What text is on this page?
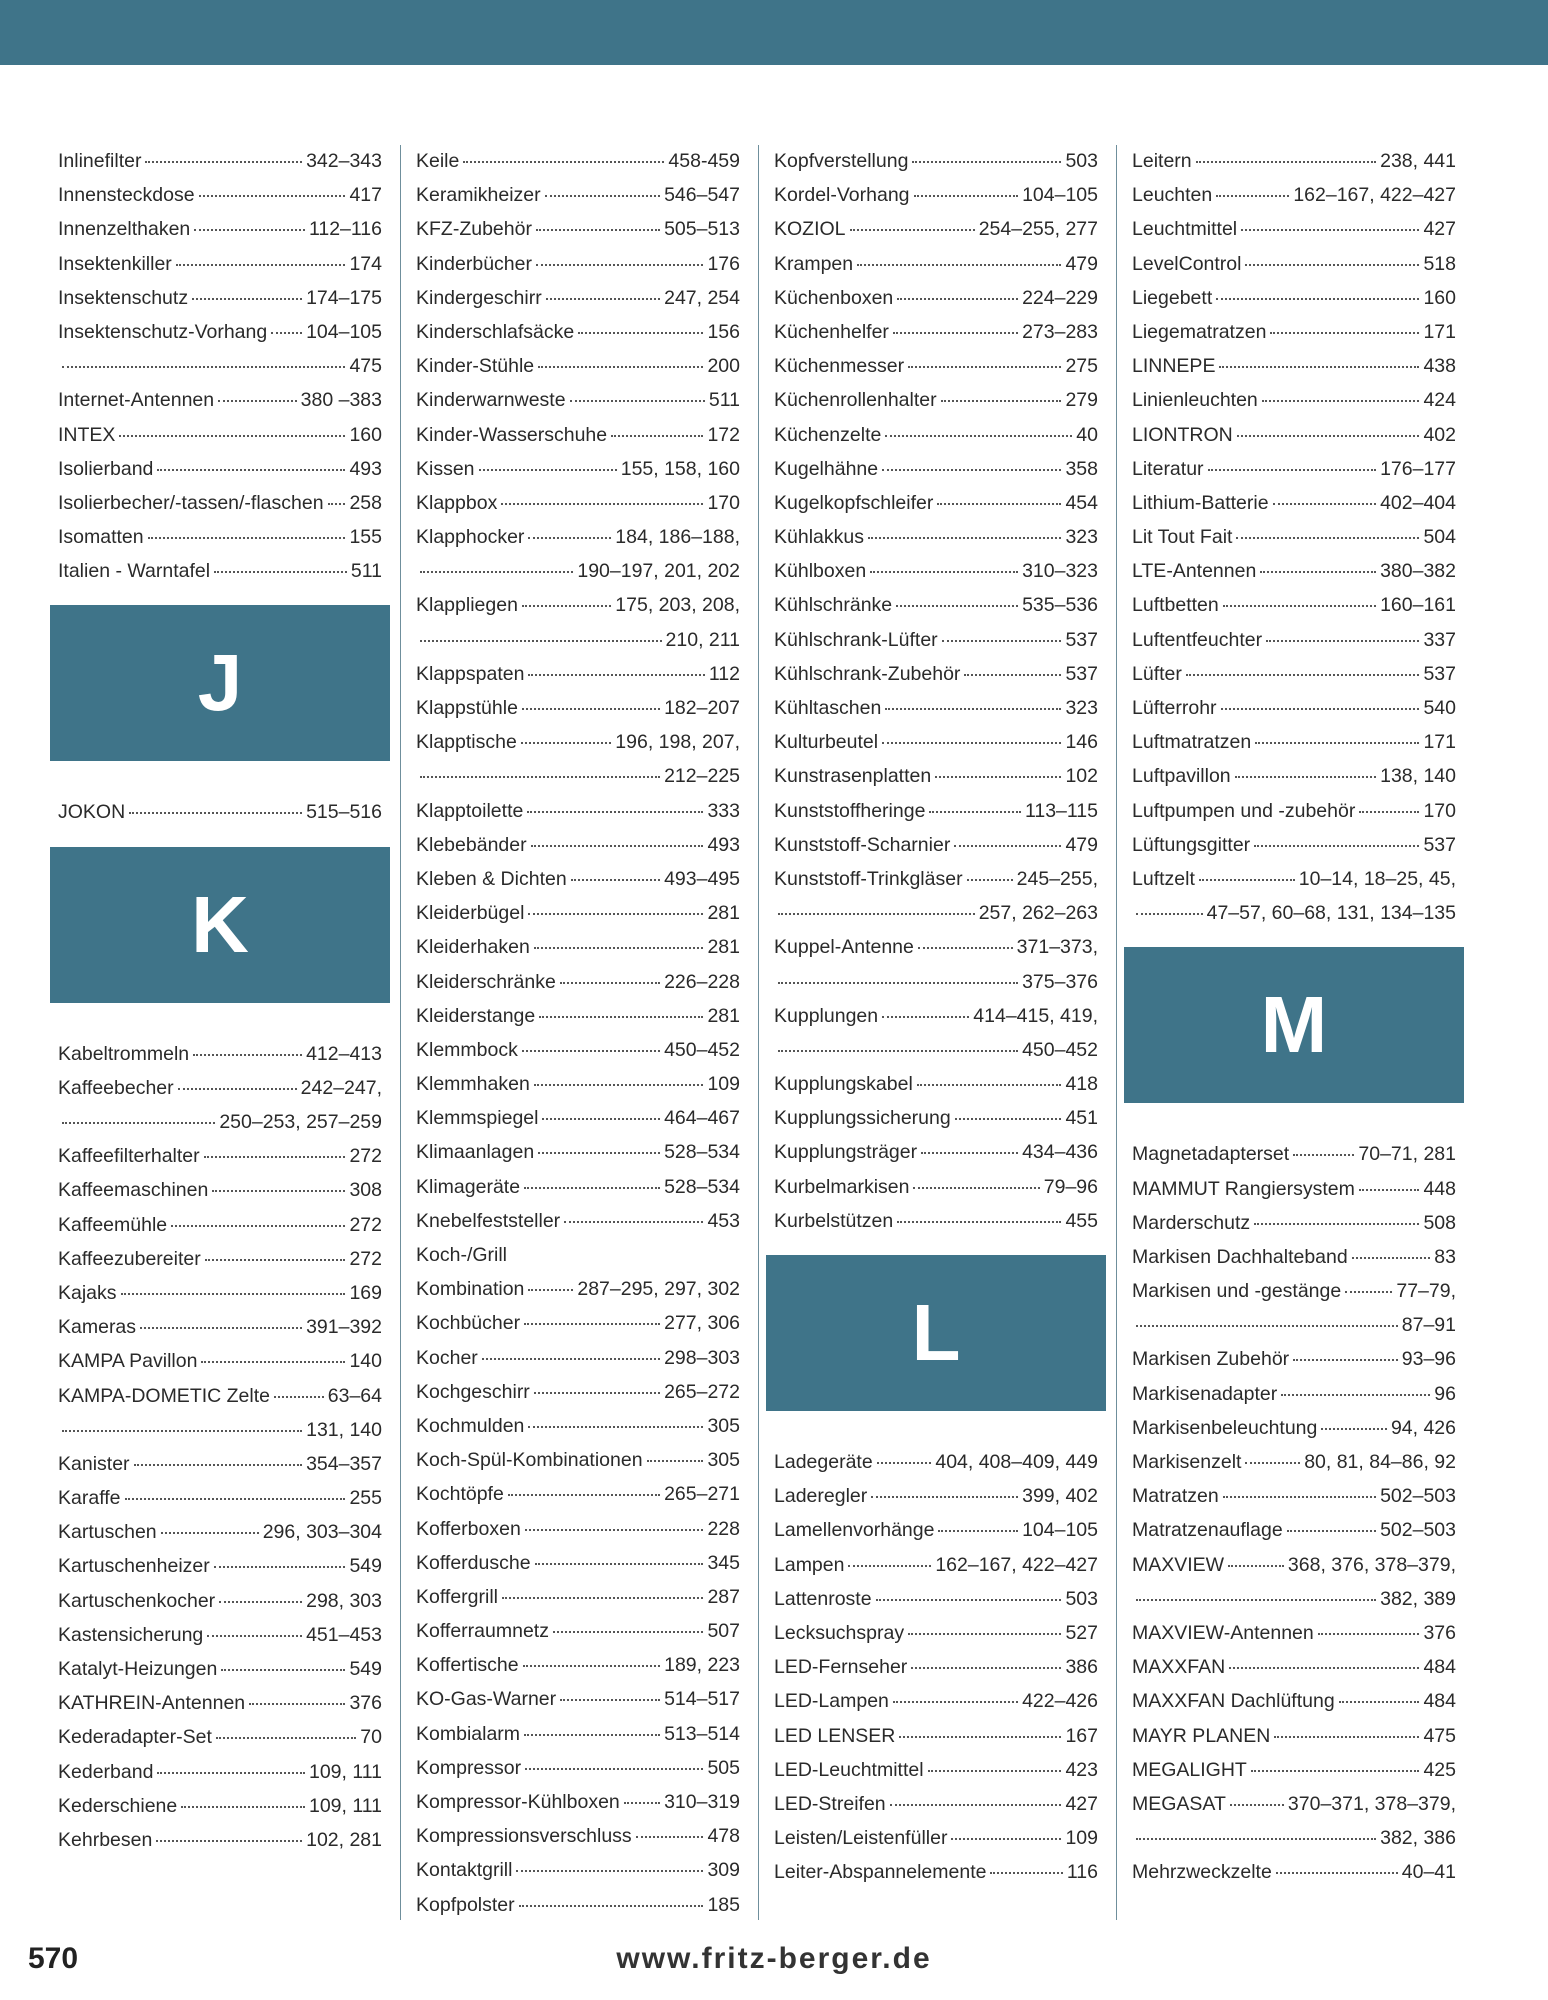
Inlinefilter	342–343
Innensteckdose	417
Innenzelthaken	112–116
Insektenkiller	174
Insektenschutz	174–175
Insektenschutz-Vorhang 104–105
475
Internet-Antennen	380 –383
INTEX	160
Isolierband	493
Isolierbecher/-tassen/-flaschen 258
Isomatten	155
Italien - Warntafel	511
J
JOKON	515–516
K
Kabeltrommeln	412–413
Kaffeebecher	242–247,
250–253, 257–259
Kaffeefilterhalter	272
Kaffeemaschinen	308
Kaffeemühle	272
Kaffeezubereiter	272
Kajaks	169
Kameras	391–392
KAMPA Pavillon	140
KAMPA-DOMETIC Zelte	63–64
131, 140
Kanister	354–357
Karaffe	255
Kartuschen	296, 303–304
Kartuschenheizer	549
Kartuschenkocher	298, 303
Kastensicherung	451–453
Katalyt-Heizungen	549
KATHREIN-Antennen	376
Kederadapter-Set	70
Kederband	109, 111
Kederschiene	109, 111
Kehrbesen	102, 281
Keile	458-459
Keramikheizer	546–547
KFZ-Zubehör	505–513
Kinderbücher	176
Kindergeschirr	247, 254
Kinderschlafsäcke	156
Kinder-Stühle	200
Kinderwarnweste	511
Kinder-Wasserschuhe	172
Kissen	155, 158, 160
Klappbox	170
Klapphocker	184, 186–188,
190–197, 201, 202
Klappliegen	175, 203, 208,
210, 211
Klappspaten	112
Klappstühle	182–207
Klapptische	196, 198, 207,
212–225
Klapptoilette	333
Klebebänder	493
Kleben & Dichten	493–495
Kleiderbügel	281
Kleiderhaken	281
Kleiderschränke	226–228
Kleiderstange	281
Klemmbock	450–452
Klemmhaken	109
Klemmspiegel	464–467
Klimaanlagen	528–534
Klimageräte	528–534
Knebelfeststeller	453
Koch-/Grill
Kombination	287–295, 297, 302
Kochbücher	277, 306
Kocher	298–303
Kochgeschirr	265–272
Kochmulden	305
Koch-Spül-Kombinationen	305
Kochtöpfe	265–271
Kofferboxen	228
Kofferdusche	345
Koffergrill	287
Kofferraumnetz	507
Koffertische	189, 223
KO-Gas-Warner	514–517
Kombialarm	513–514
Kompressor	505
Kompressor-Kühlboxen 310–319
Kompressionsverschluss	478
Kontaktgrill	309
Kopfpolster	185
Kopfverstellung	503
Kordel-Vorhang	104–105
KOZIOL	254–255, 277
Krampen	479
Küchenboxen	224–229
Küchenhelfer	273–283
Küchenmesser	275
Küchenrollenhalter	279
Küchenzelte	40
Kugelhähne	358
Kugelkopfschleifer	454
Kühlakkus	323
Kühlboxen	310–323
Kühlschränke	535–536
Kühlschrank-Lüfter	537
Kühlschrank-Zubehör	537
Kühltaschen	323
Kulturbeutel	146
Kunstrasenplatten	102
Kunststoffheringe	113–115
Kunststoff-Scharnier	479
Kunststoff-Trinkgläser	245–255,
257, 262–263
Kuppel-Antenne	371–373,
375–376
Kupplungen	414–415, 419,
450–452
Kupplungskabel	418
Kupplungssicherung	451
Kupplungsträger	434–436
Kurbelmarkisen	79–96
Kurbelstützen	455
L
Ladegeräte	404, 408–409, 449
Laderegler	399, 402
Lamellenvorhänge	104–105
Lampen	162–167, 422–427
Lattenroste	503
Lecksuchspray	527
LED-Fernseher	386
LED-Lampen	422–426
LED LENSER	167
LED-Leuchtmittel	423
LED-Streifen	427
Leisten/Leistenfüller	109
Leiter-Abspannelemente	116
Leitern	238, 441
Leuchten	162–167, 422–427
Leuchtmittel	427
LevelControl	518
Liegebett	160
Liegematratzen	171
LINNEPE	438
Linienleuchten	424
LIONTRON	402
Literatur	176–177
Lithium-Batterie	402–404
Lit Tout Fait	504
LTE-Antennen	380–382
Luftbetten	160–161
Luftentfeuchter	337
Lüfter	537
Lüfterrohr	540
Luftmatratzen	171
Luftpavillon	138, 140
Luftpumpen und -zubehör	170
Lüftungsgitter	537
Luftzelt	10–14, 18–25, 45,
47–57, 60–68, 131, 134–135
M
Magnetadapterset	70–71, 281
MAMMUT Rangiersystem	448
Marderschutz	508
Markisen Dachhalteband	83
Markisen und -gestänge	77–79,
87–91
Markisen Zubehör	93–96
Markisenadapter	96
Markisenbeleuchtung	94, 426
Markisenzelt	80, 81, 84–86, 92
Matratzen	502–503
Matratzenauflage	502–503
MAXVIEW	368, 376, 378–379,
382, 389
MAXVIEW-Antennen	376
MAXXFAN	484
MAXXFAN Dachlüftung	484
MAYR PLANEN	475
MEGALIGHT	425
MEGASAT	370–371, 378–379,
382, 386
Mehrzweckzelte	40–41
570	www.fritz-berger.de
